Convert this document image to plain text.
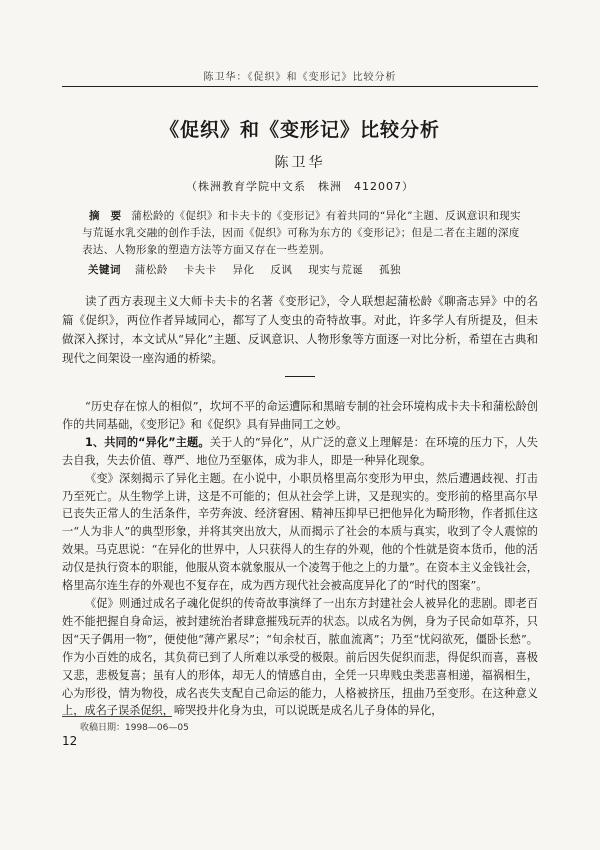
陈卫华：《促织》和《变形记》比较分析
《促织》和《变形记》比较分析
陈卫华
（株洲教育学院中文系　株洲　412007）
摘　要 蒲松龄的《促织》和卡夫卡的《变形记》有着共同的“异化”主题、反讽意识和现实与荒诞水乳交融的创作手法，因而《促织》可称为东方的《变形记》；但是二者在主题的深度表达、人物形象的塑造方法等方面又存在一些差别。
关键词 蒲松龄 卡夫卡 异化 反讽 现实与荒诞 孤独
读了西方表现主义大师卡夫卡的名著《变形记》，令人联想起蒲松龄《聊斋志异》中的名篇《促织》，两位作者异域同心，都写了人变虫的奇特故事。对此，许多学人有所提及，但未做深入探讨，本文试从“异化”主题、反讽意识、人物形象等方面逐一对比分析，希望在古典和现代之间架设一座沟通的桥梁。

“历史存在惊人的相似”，坎坷不平的命运遭际和黑暗专制的社会环境构成卡夫卡和蒲松龄创作的共同基础，《变形记》和《促织》具有异曲同工之妙。

1、共同的“异化”主题。关于人的“异化”，从广泛的意义上理解是：在环境的压力下，人失去自我，失去价值、尊严、地位乃至躯体，成为非人，即是一种异化现象。

《变》深刻揭示了异化主题。在小说中，小职员格里高尔变形为甲虫，然后遭遇歧视、打击乃至死亡。从生物学上讲，这是不可能的；但从社会学上讲，又是现实的。变形前的格里高尔早已丧失正常人的生活条件，辛劳奔波、经济窘困、精神压抑早已把他异化为畸形物，作者抓住这一“人为非人”的典型形象，并将其突出放大，从而揭示了社会的本质与真实，收到了令人震惊的效果。马克思说：“在异化的世界中，人只获得人的生存的外观，他的个性就是资本货币，他的活动仅是执行资本的职能，他服从资本就象服从一个凌驾于他之上的力量”。在资本主义金钱社会，格里高尔连生存的外观也不复存在，成为西方现代社会被高度异化了的“时代的图案”。

《促》则通过成名子魂化促织的传奇故事演绎了一出东方封建社会人被异化的悲剧。即老百姓不能把握自身命运，被封建统治者肆意摧残玩弄的状态。以成名为例，身为子民命如草芥，只因“天子偶用一物”，便使他“薄产累尽”；“旬余杖百，脓血流离”；乃至“忧闷欲死，僵卧长愁”。作为小百姓的成名，其负荷已到了人所难以承受的极限。前后因失促织而悲，得促织而喜，喜极又悲，悲极复喜；虽有人的形体，却无人的情感自由，全凭一只卑贱虫类悲喜相递，福祸相生，心为形役，情为物役，成名丧失支配自己命运的能力，人格被挤压，扭曲乃至变形。在这种意义上，成名子误杀促织，啼哭投井化身为虫，可以说既是成名儿子身体的异化，

收稿日期：1998—06—05
12
